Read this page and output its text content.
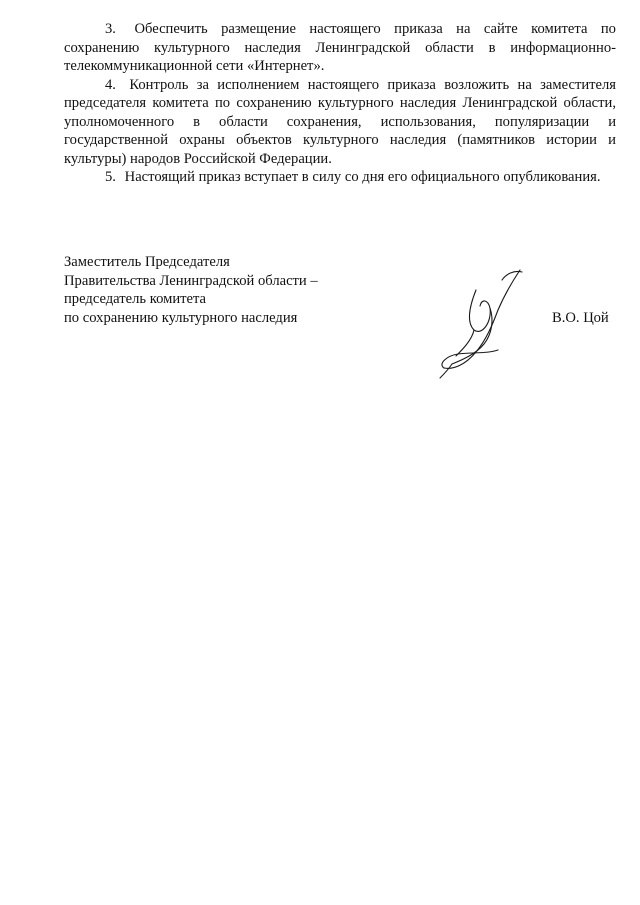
3. Обеспечить размещение настоящего приказа на сайте комитета по сохранению культурного наследия Ленинградской области в информационно-телекоммуникационной сети «Интернет».

4. Контроль за исполнением настоящего приказа возложить на заместителя председателя комитета по сохранению культурного наследия Ленинградской области, уполномоченного в области сохранения, использования, популяризации и государственной охраны объектов культурного наследия (памятников истории и культуры) народов Российской Федерации.

5. Настоящий приказ вступает в силу со дня его официального опубликования.

Заместитель Председателя
Правительства Ленинградской области –
председатель комитета
по сохранению культурного наследия	В.О. Цой
